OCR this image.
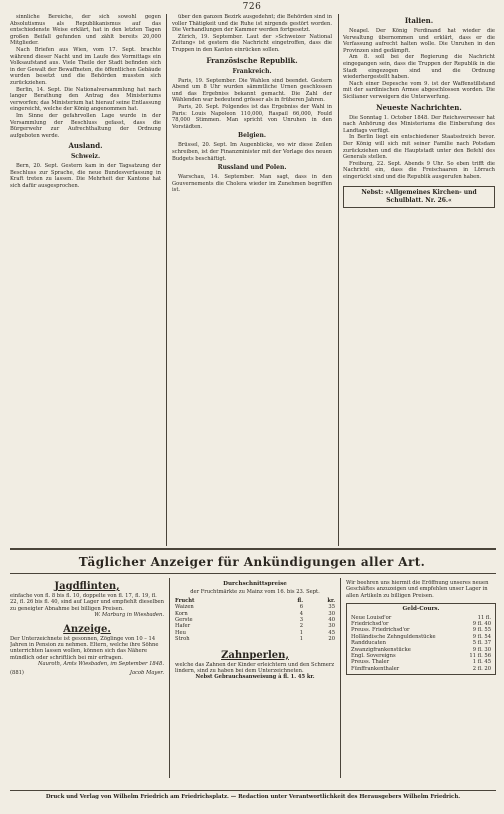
726

sinnliche Bereiche, der sich sowohl gegen Absolutismus als Republikanismus auf das entschiedenste Weise erklärt, hat in den letzten Tagen großen Beifall gefunden und zählt bereits 20,000 Mitglieder.

Nach Briefen aus Wien, vom 17. Sept. brachte während dieser Nacht und im Laufe des Vormittags ein Volksaufstand aus. Viele Theile der Stadt befinden sich in der Gewalt der Bewaffneten, die öffentlichen Gebäude wurden besetzt und die Behörden mussten sich zurückziehen.

Berlin, 14. Sept. Die Nationalversammlung hat nach langer Berathung den Antrag des Ministeriums verworfen; das Ministerium hat hierauf seine Entlassung eingereicht, welche der König angenommen hat.

Im Sinne der gefahrvollen Lage wurde in der Versammlung der Beschluss gefasst, dass die Bürgerwehr zur Aufrechthaltung der Ordnung aufgeboten werde.

Ausland.
Schweiz.

Bern, 20. Sept. Gestern kam in der Tagsatzung der Beschluss zur Sprache, die neue Bundesverfassung in Kraft treten zu lassen. Die Mehrheit der Kantone hat sich dafür ausgesprochen.

über den ganzen Bezirk ausgedehnt; die Behörden sind in voller Thätigkeit und die Ruhe ist nirgends gestört worden. Die Verhandlungen der Kammer werden fortgesetzt.

Zürich, 19. September. Laut der »Schweizer National Zeitung« ist gestern die Nachricht eingetroffen, dass die Truppen in den Kanton einrücken sollen.

Französische Republik.
Frankreich.

Paris, 19. September. Die Wahlen sind beendet. Gestern Abend um 8 Uhr wurden sämmtliche Urnen geschlossen und das Ergebniss bekannt gemacht. Die Zahl der Wählenden war bedeutend grösser als in früheren Jahren.

Paris, 20. Sept. Folgendes ist das Ergebniss der Wahl in Paris: Louis Napoleon 110,000, Raspail 66,000, Fould 78,000 Stimmen. Man spricht von Unruhen in den Vorstädten.

Belgien.

Brüssel, 20. Sept. Im Augenblicke, wo wir diese Zeilen schreiben, ist der Finanzminister mit der Vorlage des neuen Budgets beschäftigt.

Russland und Polen.

Warschau, 14. September. Man sagt, dass in den Gouvernements die Cholera wieder im Zunehmen begriffen ist.

Italien.

Neapel. Der König Ferdinand hat wieder die Verwaltung übernommen und erklärt, dass er die Verfassung aufrecht halten wolle. Die Unruhen in den Provinzen sind gedämpft.

Am 8. soll bei der Regierung die Nachricht eingegangen sein, dass die Truppen der Republik in die Stadt eingezogen sind und die Ordnung wiederhergestellt haben.

Nach einer Depesche vom 9. ist der Waffenstillstand mit der sardinischen Armee abgeschlossen worden. Die Sicilianer verweigern die Unterwerfung.

Neueste Nachrichten.

Die Sonntag 1. October 1848. Der Reichsverweser hat nach Anhörung des Ministeriums die Einberufung des Landtags verfügt.

In Berlin liegt ein entschiedener Staatsstreich bevor. Der König will sich mit seiner Familie nach Potsdam zurückziehen und die Hauptstadt unter den Befehl des Generals stellen.

Freiburg, 22. Sept. Abends 9 Uhr. So eben trifft die Nachricht ein, dass die Freischaaren in Lörrach eingerückt sind und die Republik ausgerufen haben.

Nebst: »Allgemeines Kirchen- und Schulblatt. Nr. 26.«
Täglicher Anzeiger für Ankündigungen aller Art.
Jagdflinten,
einfache von fl. 8 bis fl. 10, doppelte von fl. 17, fl. 19, fl. 22, fl. 26 bis fl. 40, sind auf Lager und empfiehlt dieselben zu geneigter Abnahme bei billigen Preisen.
W. Marburg in Wiesbaden.
Anzeige.
Der Unterzeichnete ist gesonnen, Zöglinge von 10 – 14 Jahren in Pension zu nehmen. Eltern, welche ihre Söhne unterrichten lassen wollen, können sich das Nähere mündlich oder schriftlich bei mir erfragen.
Nauroth, Amts Wiesbaden, im September 1848.
(881)	Jacob Mayer.
Durchschnittspreise
der Fruchtmärkte zu Mainz vom 16. bis 23. Sept.
Frucht	fl.	kr.
Waizen	6	35
Korn	4	30
Gerste	3	40
Hafer	2	30
Heu	1	45
Stroh	1	20
Zahnperlen,
welche das Zahnen der Kinder erleichtern und den Schmerz lindern, sind zu haben bei dem Unterzeichneten.
Nebst Gebrauchsanweisung à fl. 1. 45 kr.
Wir beehren uns hiermit die Eröffnung unseres neuen Geschäftes anzuzeigen und empfehlen unser Lager in allen Artikeln zu billigen Preisen.
Geld-Cours.
Neue Louisd'or	11 fl.
Friedrichsd'or	9 fl. 40
Preuss. Friedrichsd'or	9 fl. 55
Holländische Zehnguldenstücke	9 fl. 54
Randducaten	5 fl. 37
Zwanzigfrankenstücke	9 fl. 30
Engl. Sovereigns	11 fl. 56
Preuss. Thaler	1 fl. 45
Fünffrankenthaler	2 fl. 20
Druck und Verlag von Wilhelm Friedrich am Friedrichsplatz. — Redaction unter Verantwortlichkeit des Herausgebers Wilhelm Friedrich.
